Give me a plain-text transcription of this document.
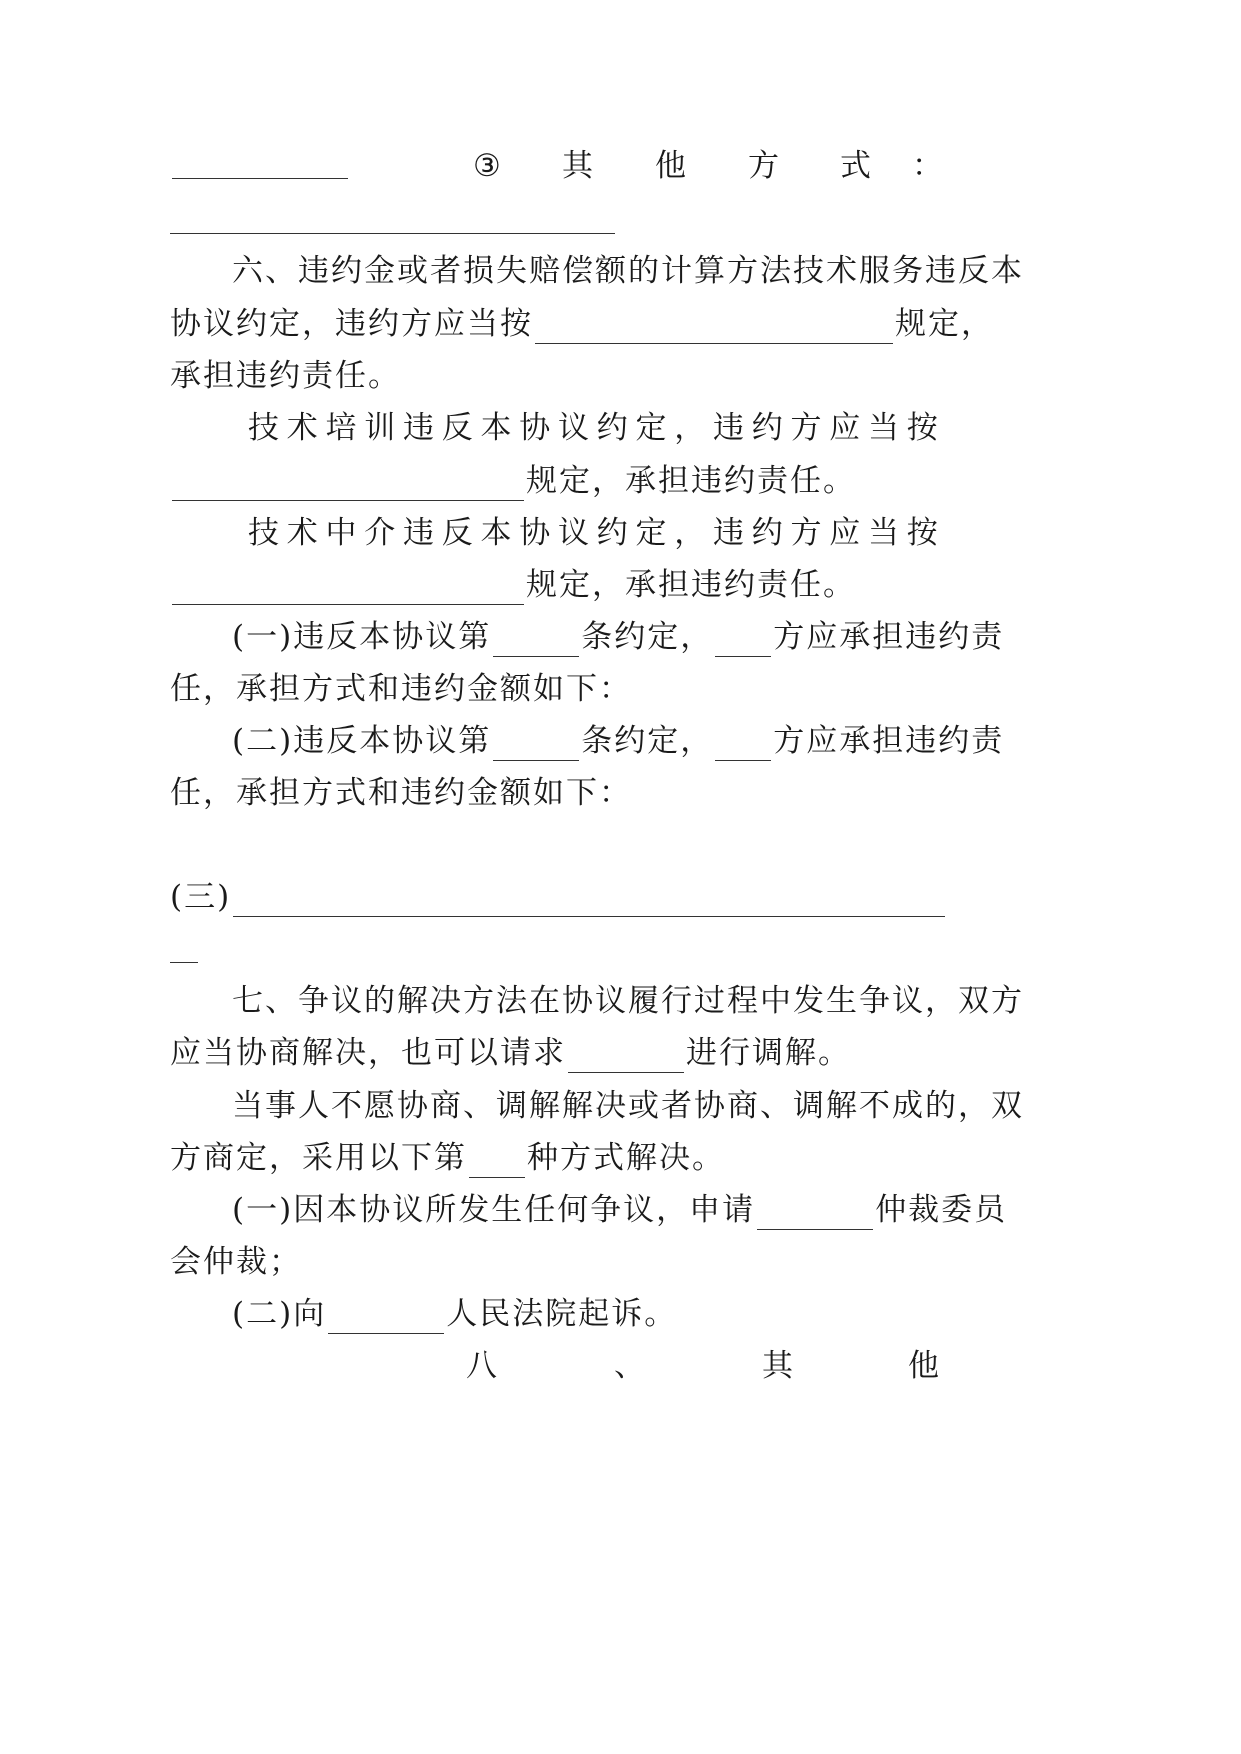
③ 其 他 方 式 ：
六、违约金或者损失赔偿额的计算方法技术服务违反本
协议约定，违约方应当按	规定，
承担违约责任。
技 术 培 训 违 反 本 协 议 约 定 ， 违 约 方 应 当 按
规定，承担违约责任。
技 术 中 介 违 反 本 协 议 约 定 ， 违 约 方 应 当 按
规定，承担违约责任。
(一)违反本协议第	条约定， 方应承担违约责
任，承担方式和违约金额如下：
(二)违反本协议第	条约定， 方应承担违约责
任，承担方式和违约金额如下：
(三)
七、争议的解决方法在协议履行过程中发生争议，双方
应当协商解决，也可以请求	进行调解。
当事人不愿协商、调解解决或者协商、调解不成的，双
方商定，采用以下第 种方式解决。
(一)因本协议所发生任何争议，申请	仲裁委员
会仲裁；
(二)向	人民法院起诉。
八	、	其	他
